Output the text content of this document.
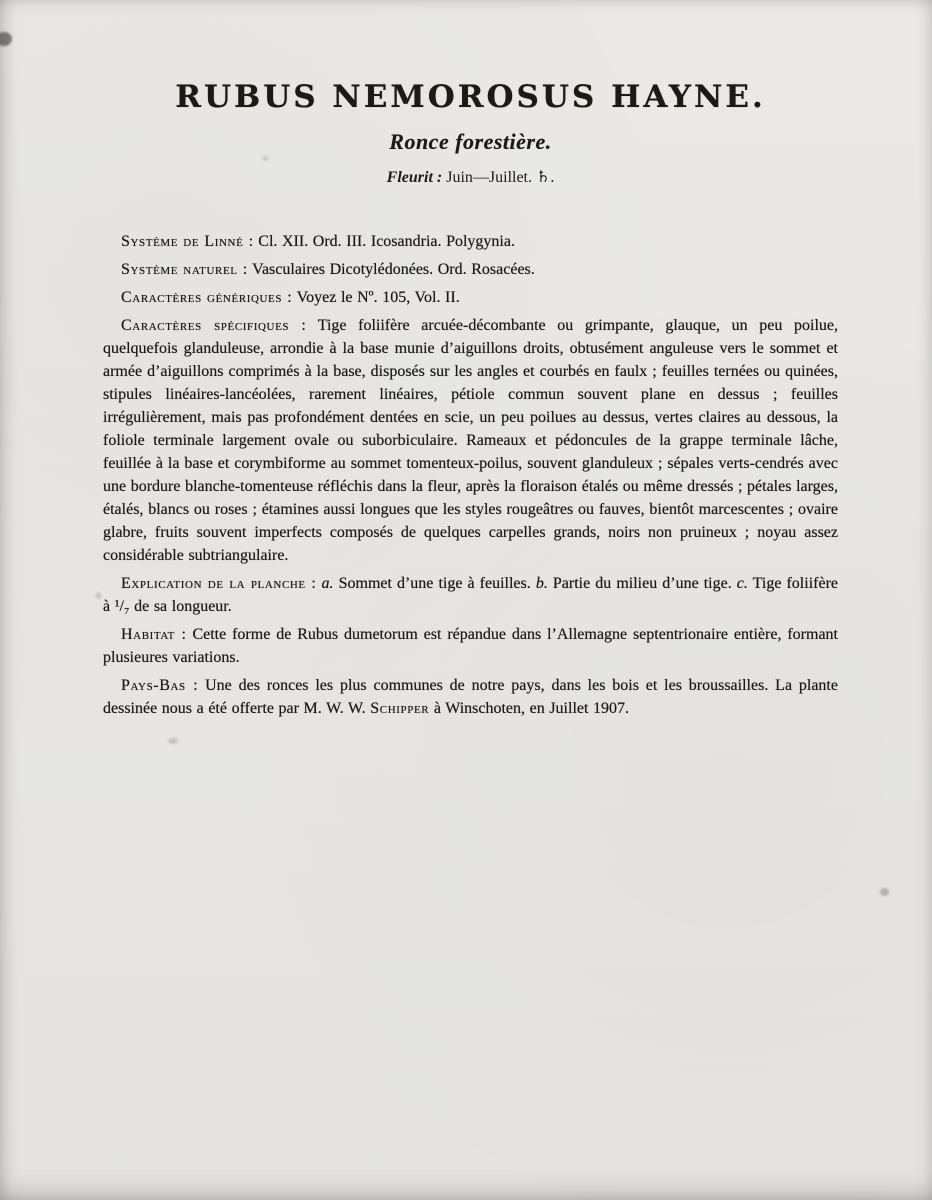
RUBUS NEMOROSUS HAYNE.
Ronce forestière.

Fleurit : Juin—Juillet. ♄.

Système de Linné : Cl. XII. Ord. III. Icosandria. Polygynia.

Système naturel : Vasculaires Dicotylédonées. Ord. Rosacées.

Caractères génériques : Voyez le Nº. 105, Vol. II.

Caractères spécifiques : Tige foliifère arcuée-décombante ou grimpante, glauque, un peu poilue, quelquefois glanduleuse, arrondie à la base munie d’aiguillons droits, obtusément anguleuse vers le sommet et armée d’aiguillons comprimés à la base, disposés sur les angles et courbés en faulx ; feuilles ternées ou quinées, stipules linéaires-lancéolées, rarement linéaires, pétiole commun souvent plane en dessus ; feuilles irrégulièrement, mais pas profondément dentées en scie, un peu poilues au dessus, vertes claires au dessous, la foliole terminale largement ovale ou suborbiculaire. Rameaux et pédoncules de la grappe terminale lâche, feuillée à la base et corymbiforme au sommet tomenteux-poilus, souvent glanduleux ; sépales verts-cendrés avec une bordure blanche-tomenteuse réfléchis dans la fleur, après la floraison étalés ou même dressés ; pétales larges, étalés, blancs ou roses ; étamines aussi longues que les styles rougeâtres ou fauves, bientôt marcescentes ; ovaire glabre, fruits souvent imperfects composés de quelques carpelles grands, noirs non pruineux ; noyau assez considérable subtriangulaire.

Explication de la planche : a. Sommet d’une tige à feuilles. b. Partie du milieu d’une tige. c. Tige foliifère à ¹/₇ de sa longueur.

Habitat : Cette forme de Rubus dumetorum est répandue dans l’Allemagne septentrionaire entière, formant plusieures variations.

Pays-Bas : Une des ronces les plus communes de notre pays, dans les bois et les broussailles. La plante dessinée nous a été offerte par M. W. W. Schipper à Winschoten, en Juillet 1907.
